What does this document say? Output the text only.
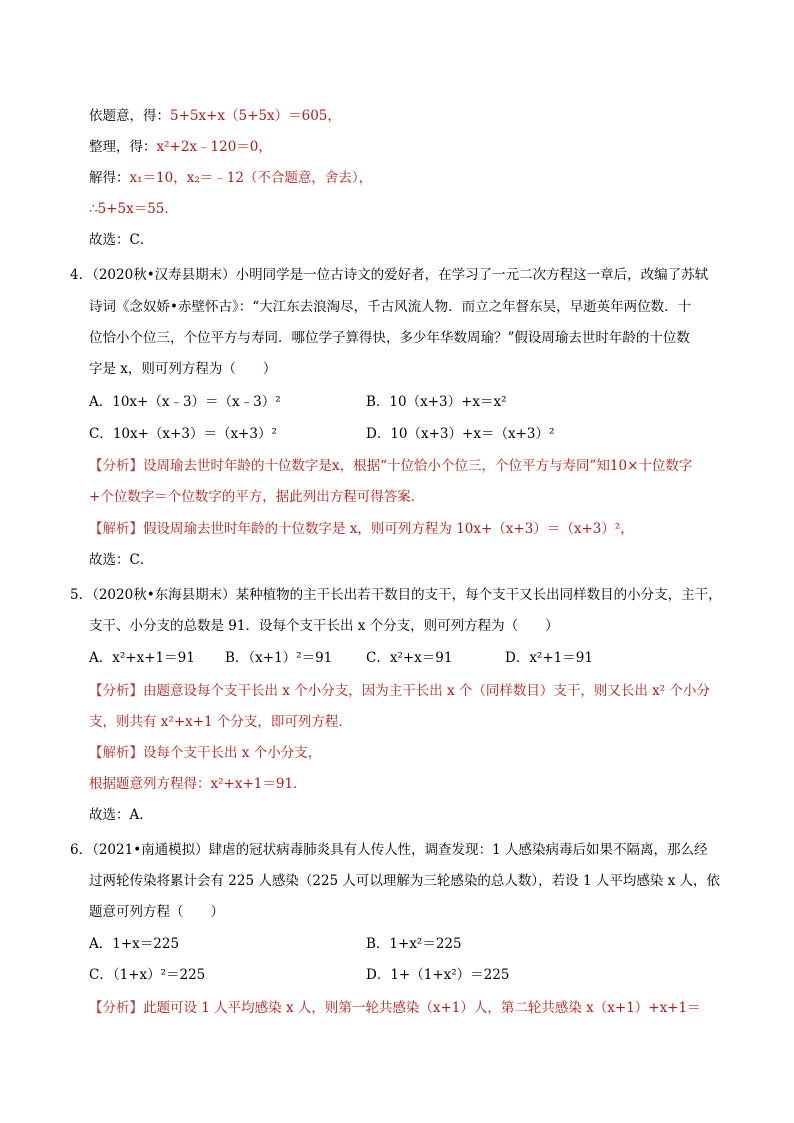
依题意，得：5+5x+x（5+5x）＝605，
整理，得：x²+2x﹣120＝0，
解得：x₁＝10，x₂＝﹣12（不合题意，舍去），
∴5+5x＝55．
故选：C．
4．（2020秋•汉寿县期末）小明同学是一位古诗文的爱好者，在学习了一元二次方程这一章后，改编了苏轼
诗词《念奴娇•赤壁怀古》：“大江东去浪淘尽，千古风流人物．而立之年督东吴，早逝英年两位数．十
位恰小个位三，个位平方与寿同．哪位学子算得快，多少年华数周瑜？”假设周瑜去世时年龄的十位数
字是 x，则可列方程为（　　）
A．10x+（x﹣3）＝（x﹣3）²	B．10（x+3）+x＝x²
C．10x+（x+3）＝（x+3）²	D．10（x+3）+x＝（x+3）²
【分析】设周瑜去世时年龄的十位数字是x，根据“十位恰小个位三，个位平方与寿同”知10×十位数字
+个位数字＝个位数字的平方，据此列出方程可得答案．
【解析】假设周瑜去世时年龄的十位数字是 x，则可列方程为 10x+（x+3）＝（x+3）²，
故选：C．
5．（2020秋•东海县期末）某种植物的主干长出若干数目的支干，每个支干又长出同样数目的小分支，主干，
支干、小分支的总数是 91．设每个支干长出 x 个分支，则可列方程为（　　）
A．x²+x+1＝91 B．（x+1）²＝91 C．x²+x＝91	D．x²+1＝91
【分析】由题意设每个支干长出 x 个小分支，因为主干长出 x 个（同样数目）支干，则又长出 x² 个小分
支，则共有 x²+x+1 个分支，即可列方程．
【解析】设每个支干长出 x 个小分支，
根据题意列方程得：x²+x+1＝91．
故选：A．
6．（2021•南通模拟）肆虐的冠状病毒肺炎具有人传人性，调查发现：1 人感染病毒后如果不隔离，那么经
过两轮传染将累计会有 225 人感染（225 人可以理解为三轮感染的总人数），若设 1 人平均感染 x 人，依
题意可列方程（　　）
A．1+x＝225	B．1+x²＝225
C．（1+x）²＝225	D．1+（1+x²）＝225
【分析】此题可设 1 人平均感染 x 人，则第一轮共感染（x+1）人，第二轮共感染 x（x+1）+x+1＝
